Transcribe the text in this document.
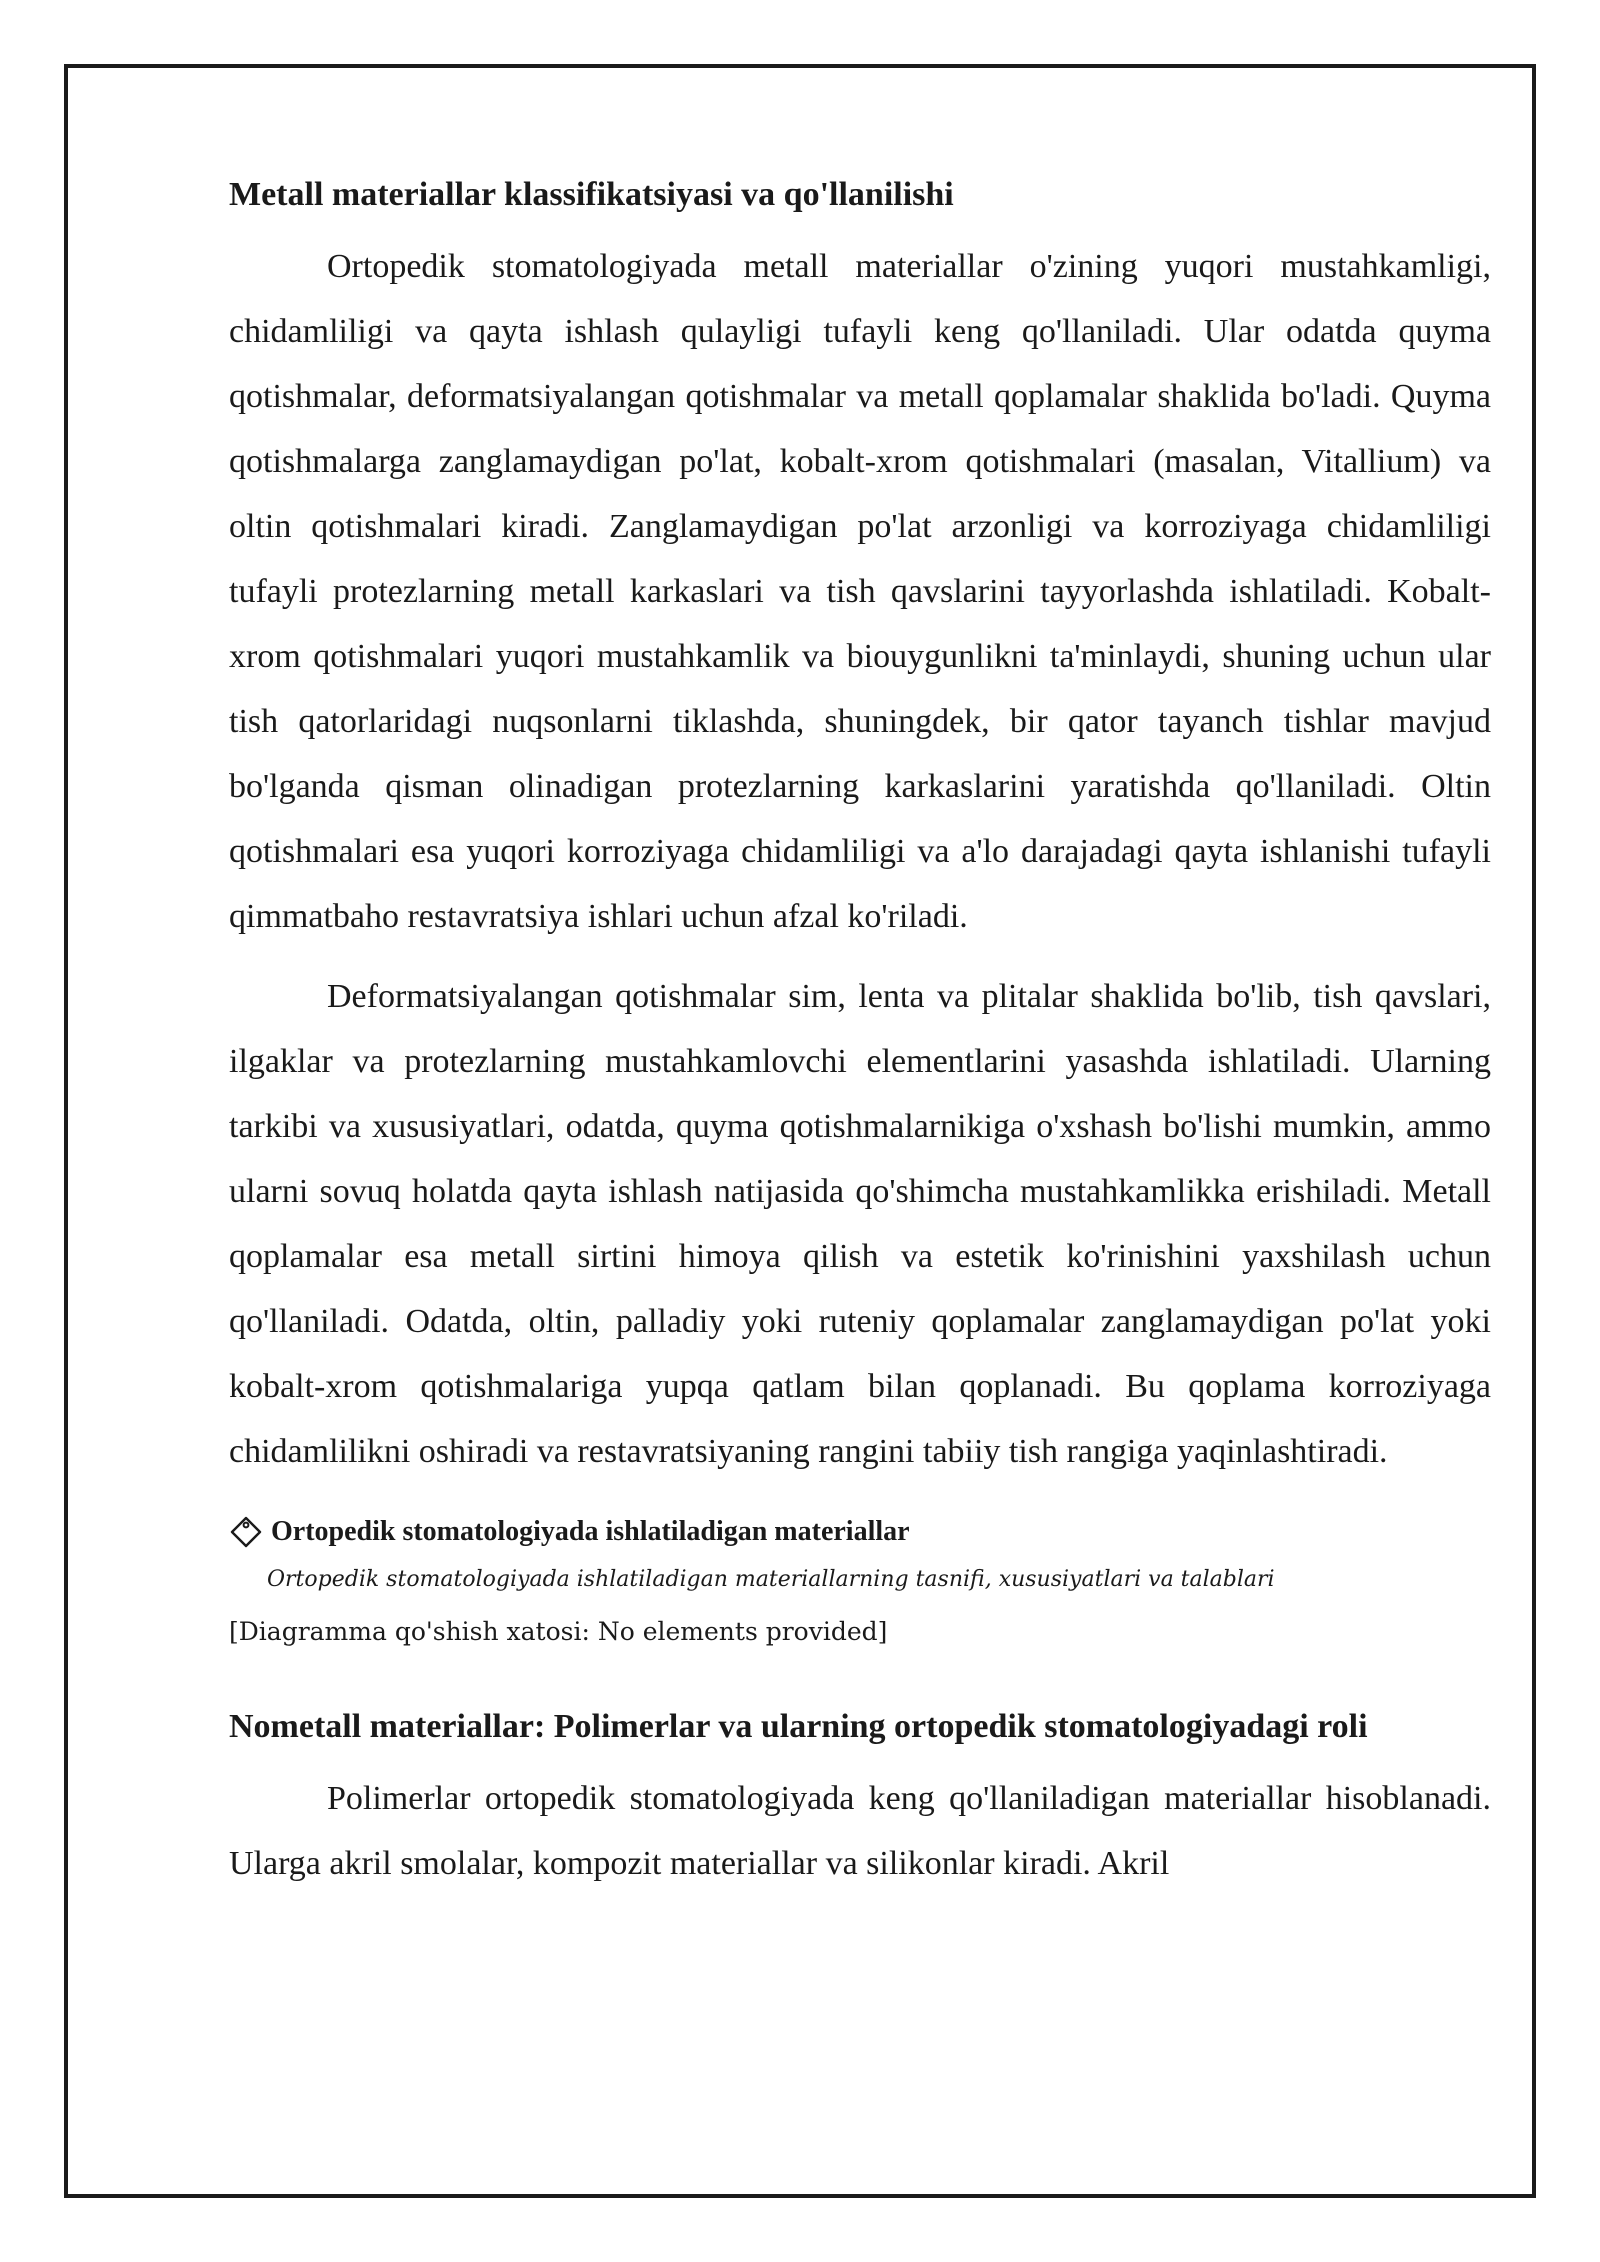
Metall materiallar klassifikatsiyasi va qo'llanilishi

Ortopedik stomatologiyada metall materiallar o'zining yuqori mustahkamligi, chidamliligi va qayta ishlash qulayligi tufayli keng qo'llaniladi. Ular odatda quyma qotishmalar, deformatsiyalangan qotishmalar va metall qoplamalar shaklida bo'ladi. Quyma qotishmalarga zanglamaydigan po'lat, kobalt-xrom qotishmalari (masalan, Vitallium) va oltin qotishmalari kiradi. Zanglamaydigan po'lat arzonligi va korroziyaga chidamliligi tufayli protezlarning metall karkaslari va tish qavslarini tayyorlashda ishlatiladi. Kobalt-xrom qotishmalari yuqori mustahkamlik va biouygunlikni ta'minlaydi, shuning uchun ular tish qatorlaridagi nuqsonlarni tiklashda, shuningdek, bir qator tayanch tishlar mavjud bo'lganda qisman olinadigan protezlarning karkaslarini yaratishda qo'llaniladi. Oltin qotishmalari esa yuqori korroziyaga chidamliligi va a'lo darajadagi qayta ishlanishi tufayli qimmatbaho restavratsiya ishlari uchun afzal ko'riladi.

Deformatsiyalangan qotishmalar sim, lenta va plitalar shaklida bo'lib, tish qavslari, ilgaklar va protezlarning mustahkamlovchi elementlarini yasashda ishlatiladi. Ularning tarkibi va xususiyatlari, odatda, quyma qotishmalarnikiga o'xshash bo'lishi mumkin, ammo ularni sovuq holatda qayta ishlash natijasida qo'shimcha mustahkamlikka erishiladi. Metall qoplamalar esa metall sirtini himoya qilish va estetik ko'rinishini yaxshilash uchun qo'llaniladi. Odatda, oltin, palladiy yoki ruteniy qoplamalar zanglamaydigan po'lat yoki kobalt-xrom qotishmalariga yupqa qatlam bilan qoplanadi. Bu qoplama korroziyaga chidamlilikni oshiradi va restavratsiyaning rangini tabiiy tish rangiga yaqinlashtiradi.

Ortopedik stomatologiyada ishlatiladigan materiallar
Ortopedik stomatologiyada ishlatiladigan materiallarning tasnifi, xususiyatlari va talablari
[Diagramma qo'shish xatosi: No elements provided]
Nometall materiallar: Polimerlar va ularning ortopedik stomatologiyadagi roli

Polimerlar ortopedik stomatologiyada keng qo'llaniladigan materiallar hisoblanadi. Ularga akril smolalar, kompozit materiallar va silikonlar kiradi. Akril
